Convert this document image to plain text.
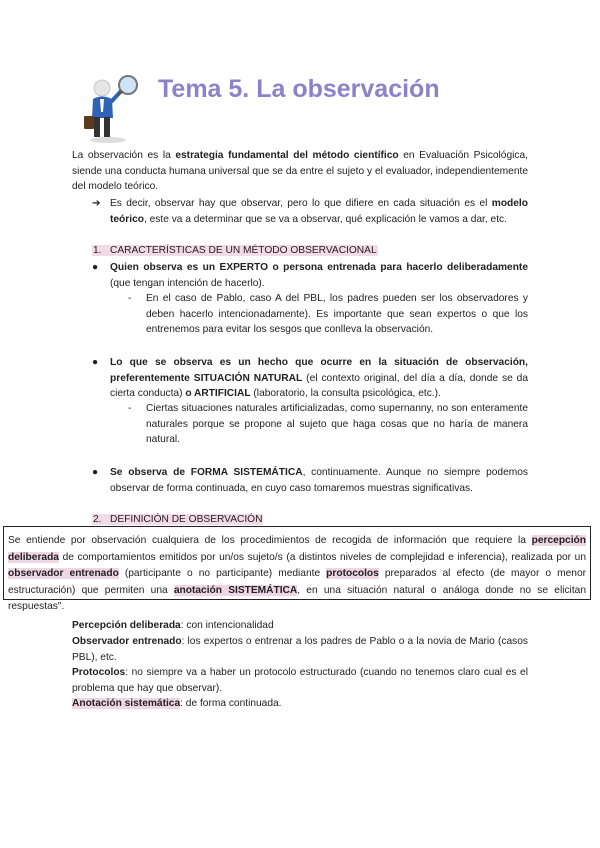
Tema 5. La observación
La observación es la estrategia fundamental del método científico en Evaluación Psicológica, siende una conducta humana universal que se da entre el sujeto y el evaluador, independientemente del modelo teórico.
➔ Es decir, observar hay que observar, pero lo que difiere en cada situación es el modelo teórico, este va a determinar que se va a observar, qué explicación le vamos a dar, etc.
1. CARACTERÍSTICAS DE UN MÉTODO OBSERVACIONAL
● Quien observa es un EXPERTO o persona entrenada para hacerlo deliberadamente (que tengan intención de hacerlo).
- En el caso de Pablo, caso A del PBL, los padres pueden ser los observadores y deben hacerlo intencionadamente). Es importante que sean expertos o que los entrenemos para evitar los sesgos que conlleva la observación.
● Lo que se observa es un hecho que ocurre en la situación de observación, preferentemente SITUACIÓN NATURAL (el contexto original, del día a día, donde se da cierta conducta) o ARTIFICIAL (laboratorio, la consulta psicológica, etc.).
- Ciertas situaciones naturales artificializadas, como supernanny, no son enteramente naturales porque se propone al sujeto que haga cosas que no haría de manera natural.
● Se observa de FORMA SISTEMÁTICA, continuamente. Aunque no siempre podemos observar de forma continuada, en cuyo caso tomaremos muestras significativas.
2. DEFINICIÓN DE OBSERVACIÓN
Se entiende por observación cualquiera de los procedimientos de recogida de información que requiere la percepción deliberada de comportamientos emitidos por un/os sujeto/s (a distintos niveles de complejidad e inferencia), realizada por un observador entrenado (participante o no participante) mediante protocolos preparados al efecto (de mayor o menor estructuración) que permiten una anotación SISTEMÁTICA, en una situación natural o análoga donde no se elicitan respuestas".
Percepción deliberada: con intencionalidad
Observador entrenado: los expertos o entrenar a los padres de Pablo o a la novia de Mario (casos PBL), etc.
Protocolos: no siempre va a haber un protocolo estructurado (cuando no tenemos claro cual es el problema que hay que observar).
Anotación sistemática: de forma continuada.
